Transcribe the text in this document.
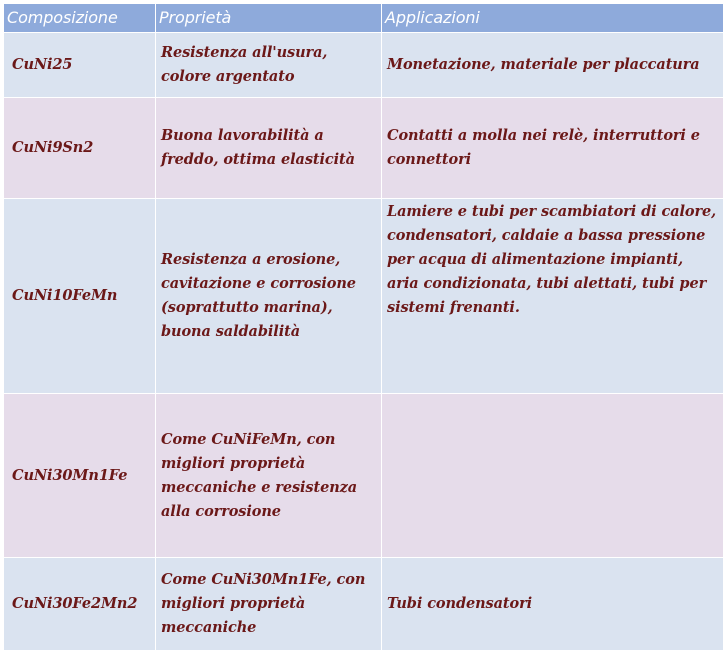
Composizione	Proprietà	Applicazioni
CuNi25	Resistenza all'usura, colore argentato	Monetazione, materiale per placcatura
CuNi9Sn2	Buona lavorabilità a freddo, ottima elasticità	Contatti a molla nei relè, interruttori e connettori
CuNi10FeMn	Resistenza a erosione, cavitazione e corrosione (soprattutto marina), buona saldabilità	Lamiere e tubi per scambiatori di calore, condensatori, caldaie a bassa pressione per acqua di alimentazione impianti, aria condizionata, tubi alettati, tubi per sistemi frenanti.
CuNi30Mn1Fe	Come CuNiFeMn, con migliori proprietà meccaniche e resistenza alla corrosione	
CuNi30Fe2Mn2	Come CuNi30Mn1Fe, con migliori proprietà meccaniche	Tubi condensatori
